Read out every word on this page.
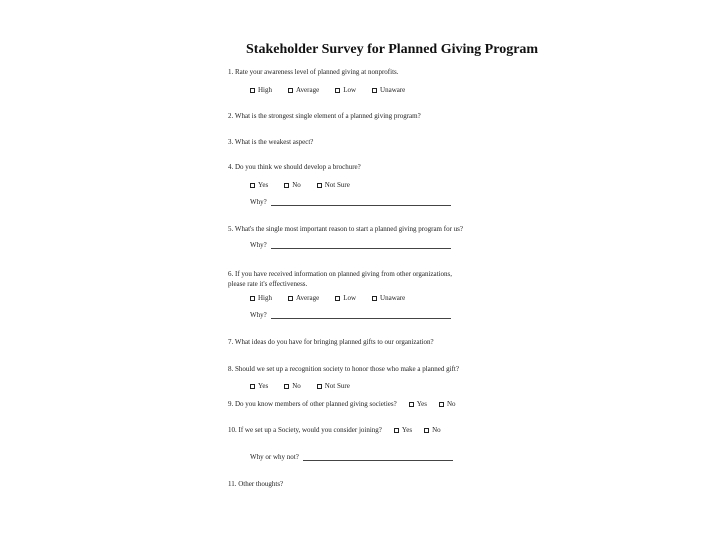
Stakeholder Survey for Planned Giving Program
1. Rate your awareness level of planned giving at nonprofits.
High	Average	Low	Unaware
2. What is the strongest single element of a planned giving program?
3. What is the weakest aspect?
4. Do you think we should develop a brochure?
Yes	No	Not Sure
Why?
5. What's the single most important reason to start a planned giving program for us?
Why?
6. If you have received information on planned giving from other organizations, please rate it's effectiveness.
High	Average	Low	Unaware
Why?
7. What ideas do you have for bringing planned gifts to our organization?
8. Should we set up a recognition society to honor those who make a planned gift?
Yes	No	Not Sure
9. Do you know members of other planned giving societies?	Yes	No
10. If we set up a Society, would you consider joining?	Yes	No
Why or why not?
11. Other thoughts?
